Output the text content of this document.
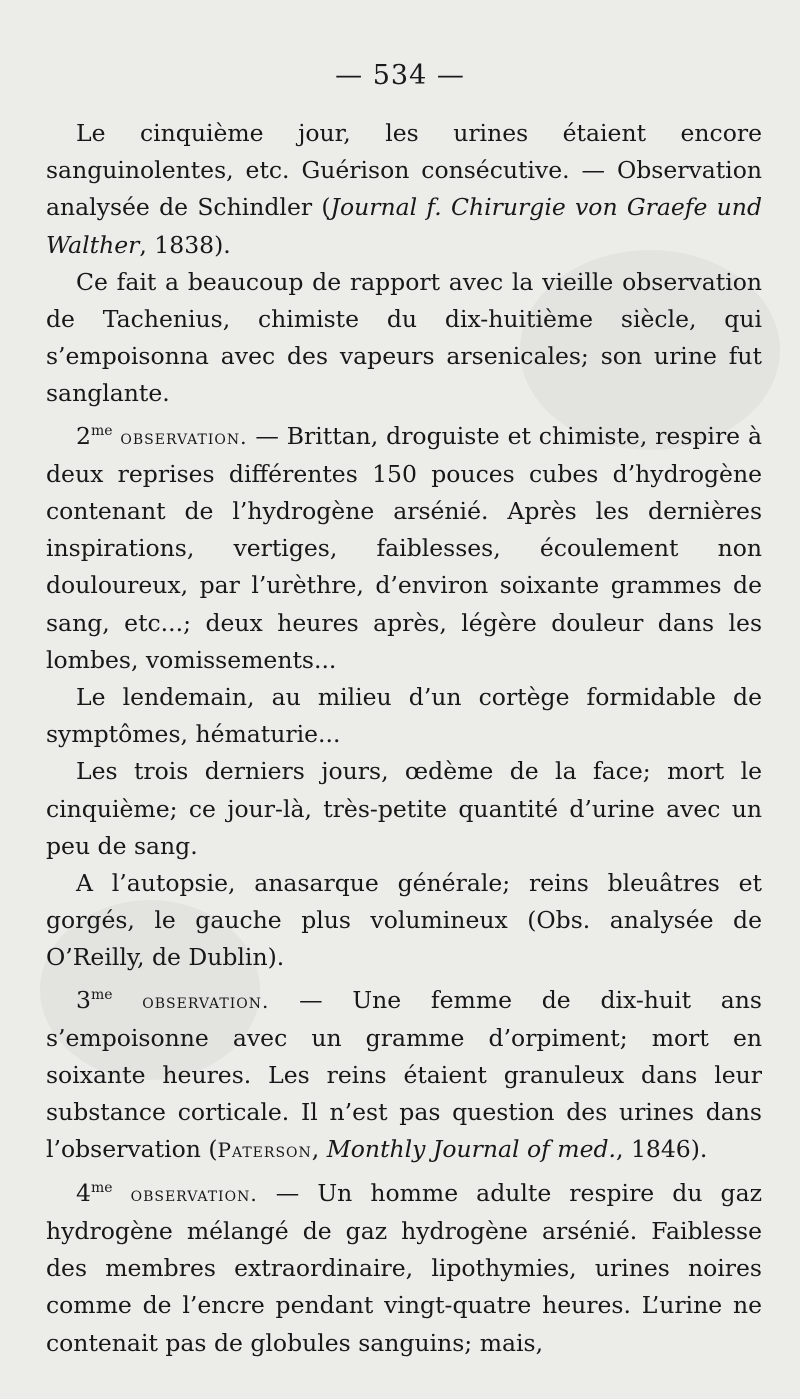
— 534 —

Le cinquième jour, les urines étaient encore sanguinolentes, etc. Guérison consécutive. — Observation analysée de Schindler (Journal f. Chirurgie von Graefe und Walther, 1838).

Ce fait a beaucoup de rapport avec la vieille observation de Tachenius, chimiste du dix-huitième siècle, qui s’empoisonna avec des vapeurs arsenicales; son urine fut sanglante.

$2^{me}$ observation. — Brittan, droguiste et chimiste, respire à deux reprises différentes 150 pouces cubes d’hydrogène contenant de l’hydrogène arsénié. Après les dernières inspirations, vertiges, faiblesses, écoulement non douloureux, par l’urèthre, d’environ soixante grammes de sang, etc...; deux heures après, légère douleur dans les lombes, vomissements...

Le lendemain, au milieu d’un cortège formidable de symptômes, hématurie...

Les trois derniers jours, œdème de la face; mort le cinquième; ce jour-là, très-petite quantité d’urine avec un peu de sang.

A l’autopsie, anasarque générale; reins bleuâtres et gorgés, le gauche plus volumineux (Obs. analysée de O’Reilly, de Dublin).

$3^{me}$ observation. — Une femme de dix-huit ans s’empoisonne avec un gramme d’orpiment; mort en soixante heures. Les reins étaient granuleux dans leur substance corticale. Il n’est pas question des urines dans l’observation (Paterson, Monthly Journal of med., 1846).

$4^{me}$ observation. — Un homme adulte respire du gaz hydrogène mélangé de gaz hydrogène arsénié. Faiblesse des membres extraordinaire, lipothymies, urines noires comme de l’encre pendant vingt-quatre heures. L’urine ne contenait pas de globules sanguins; mais,
